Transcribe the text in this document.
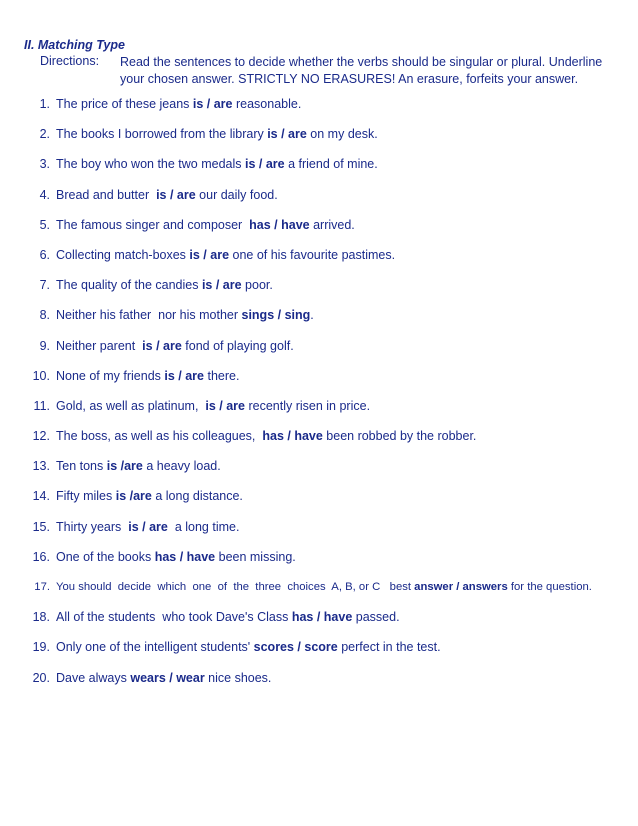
II. Matching Type
Directions: Read the sentences to decide whether the verbs should be singular or plural. Underline
your chosen answer. STRICTLY NO ERASURES! An erasure, forfeits your answer.
1. The price of these jeans is / are reasonable.
2. The books I borrowed from the library is / are on my desk.
3. The boy who won the two medals is / are a friend of mine.
4. Bread and butter  is / are our daily food.
5. The famous singer and composer  has / have arrived.
6. Collecting match-boxes is / are one of his favourite pastimes.
7. The quality of the candies is / are poor.
8. Neither his father  nor his mother sings / sing.
9. Neither parent  is / are fond of playing golf.
10. None of my friends is / are there.
11. Gold, as well as platinum,  is / are recently risen in price.
12. The boss, as well as his colleagues,  has / have been robbed by the robber.
13. Ten tons is /are a heavy load.
14. Fifty miles is /are a long distance.
15. Thirty years  is / are  a long time.
16. One of the books has / have been missing.
17. You should  decide  which  one  of  the  three  choices  A, B, or C   best answer / answers for the question.
18. All of the students  who took Dave's Class has / have passed.
19. Only one of the intelligent students' scores / score perfect in the test.
20. Dave always wears / wear nice shoes.
